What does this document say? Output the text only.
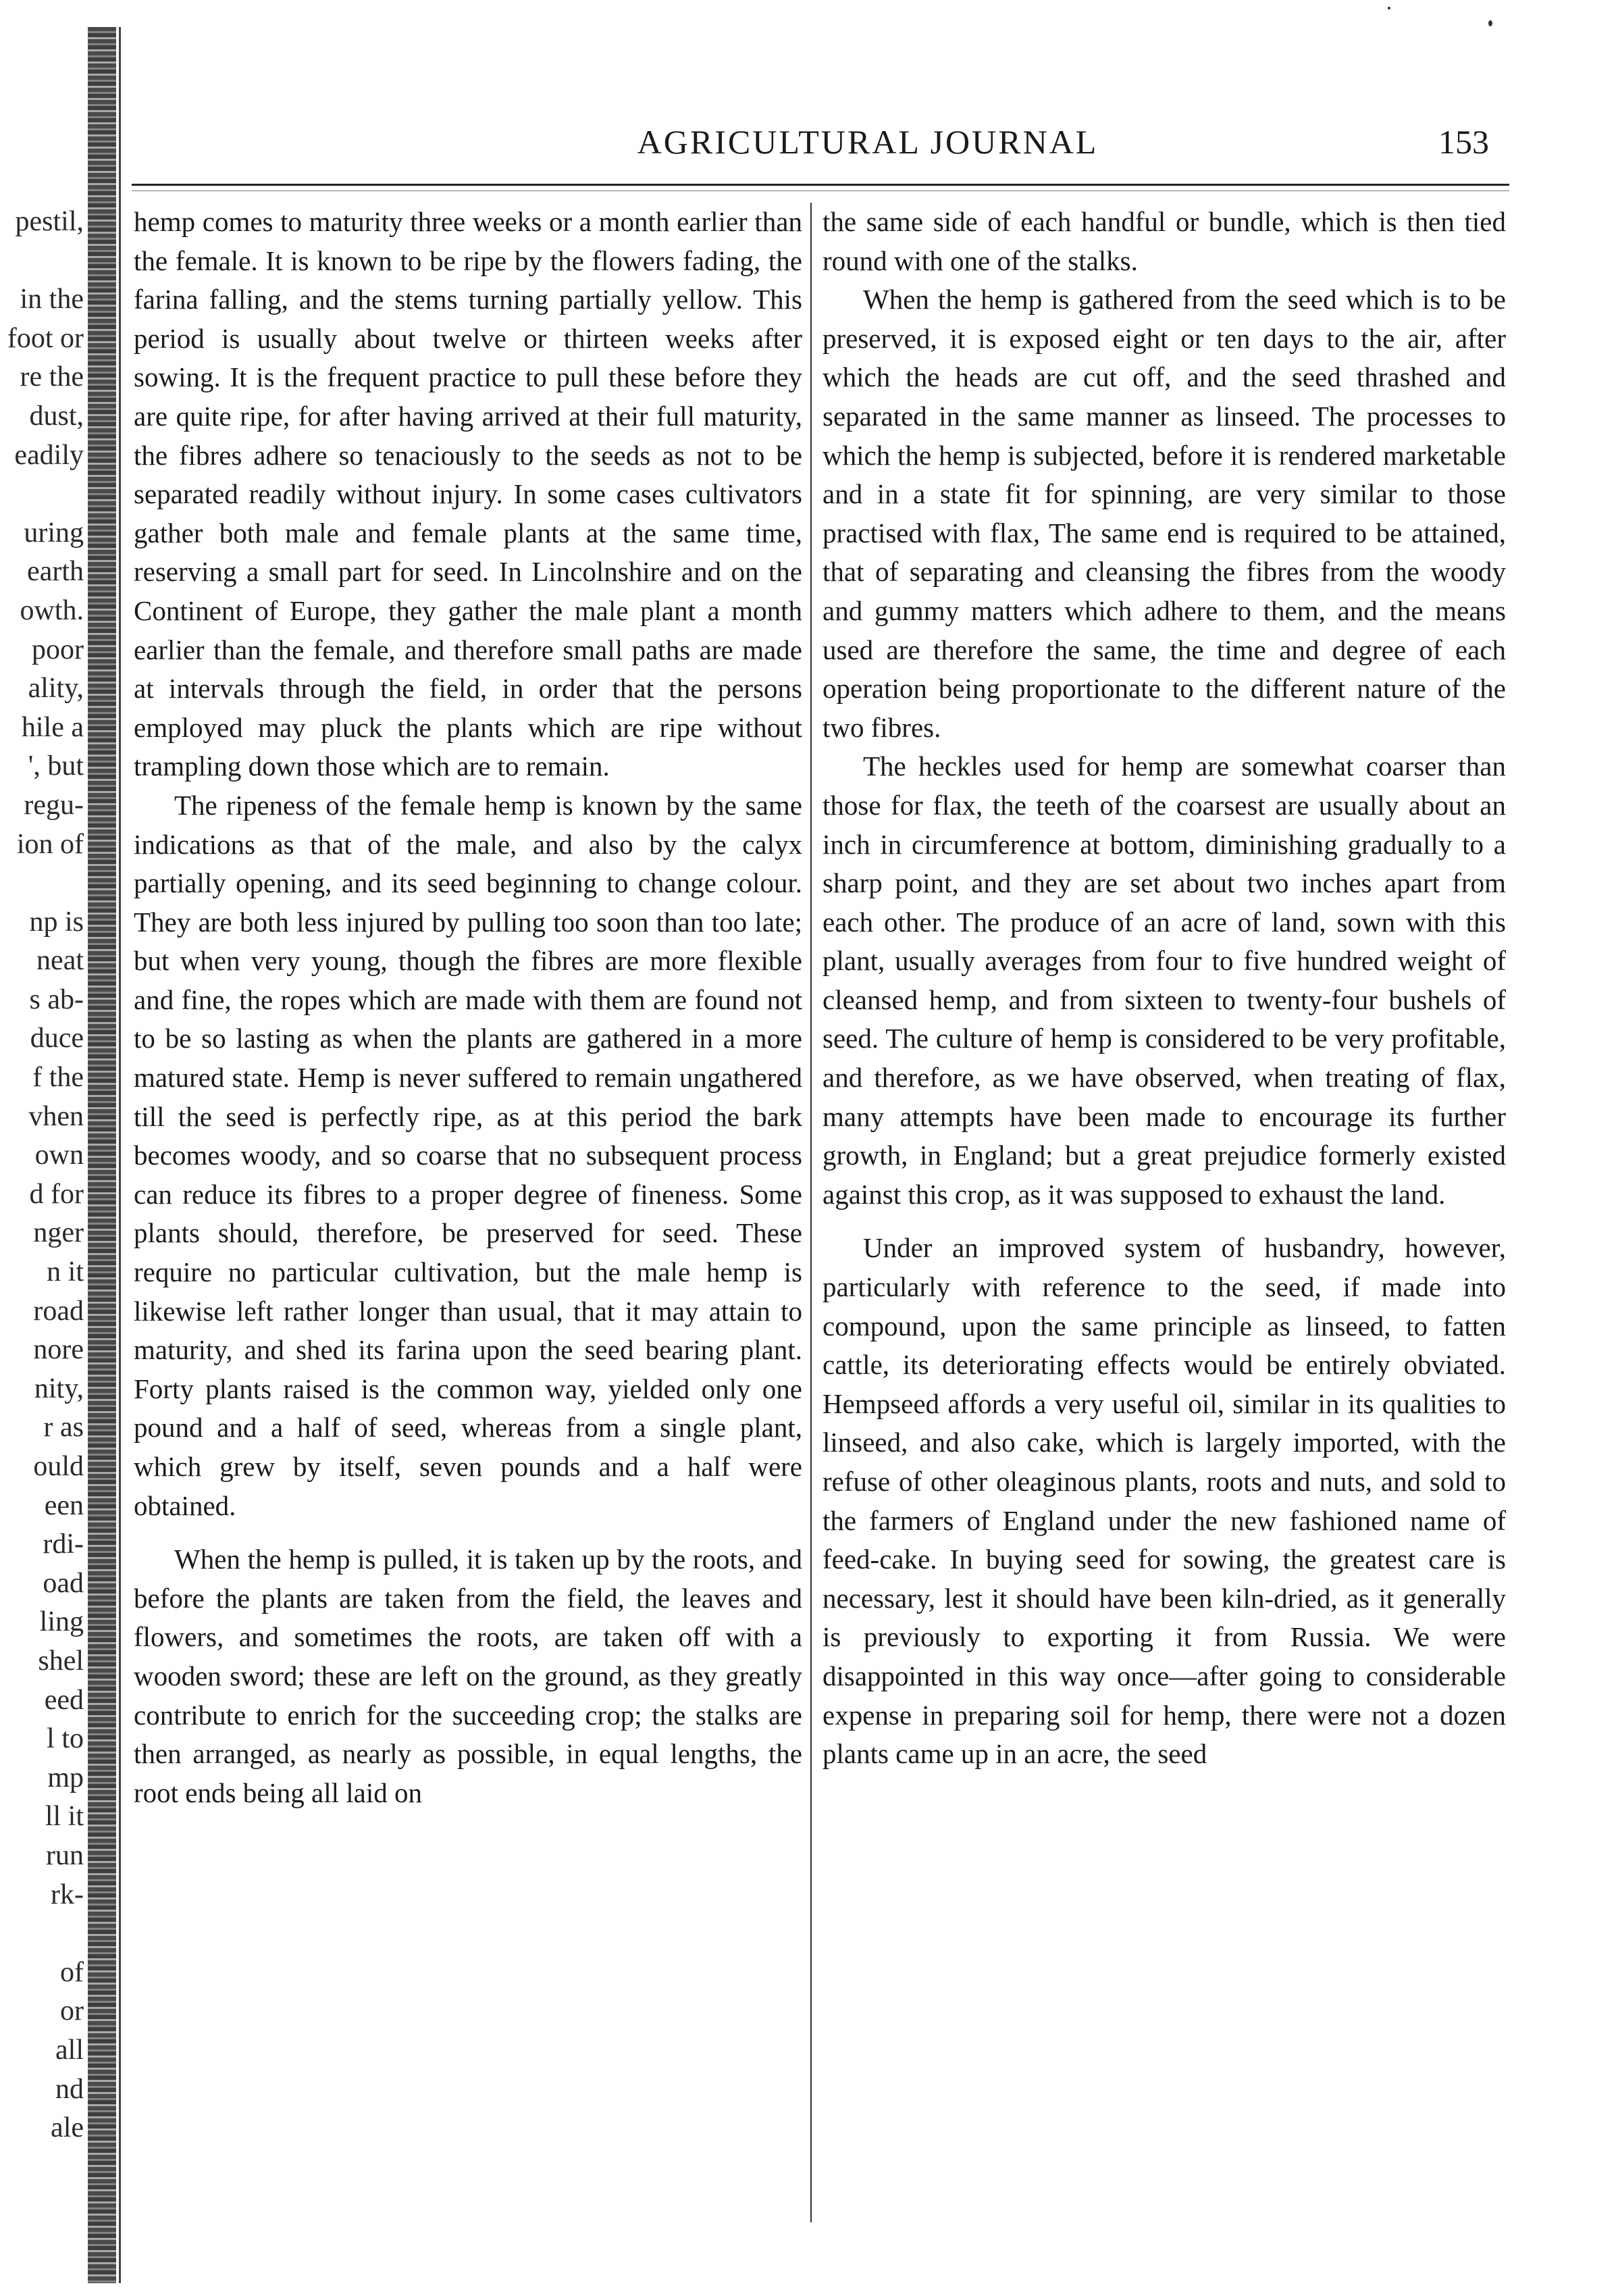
pestil,
in the
foot or
re the
dust,
eadily
uring
earth
owth.
poor
ality,
hile a
', but
regu-
ion of
np is
neat
s ab-
duce
f the
vhen
own
d for
nger
n it
road
nore
nity,
r as
ould
een
rdi-
oad
ling
shel
eed
l to
mp
ll it
run
rk-
of
or
all
nd
ale
AGRICULTURAL JOURNAL	153

hemp comes to maturity three weeks or a month earlier than the female. It is known to be ripe by the flowers fading, the farina falling, and the stems turning partially yellow. This period is usually about twelve or thirteen weeks after sowing. It is the frequent practice to pull these before they are quite ripe, for after having arrived at their full maturity, the fibres adhere so tenaciously to the seeds as not to be separated readily without injury. In some cases cultivators gather both male and female plants at the same time, reserving a small part for seed. In Lincolnshire and on the Continent of Europe, they gather the male plant a month earlier than the female, and therefore small paths are made at intervals through the field, in order that the persons employed may pluck the plants which are ripe without trampling down those which are to remain.

The ripeness of the female hemp is known by the same indications as that of the male, and also by the calyx partially opening, and its seed beginning to change colour. They are both less injured by pulling too soon than too late; but when very young, though the fibres are more flexible and fine, the ropes which are made with them are found not to be so lasting as when the plants are gathered in a more matured state. Hemp is never suffered to remain ungathered till the seed is perfectly ripe, as at this period the bark becomes woody, and so coarse that no subsequent process can reduce its fibres to a proper degree of fineness. Some plants should, therefore, be preserved for seed. These require no particular cultivation, but the male hemp is likewise left rather longer than usual, that it may attain to maturity, and shed its farina upon the seed bearing plant. Forty plants raised is the common way, yielded only one pound and a half of seed, whereas from a single plant, which grew by itself, seven pounds and a half were obtained.

When the hemp is pulled, it is taken up by the roots, and before the plants are taken from the field, the leaves and flowers, and sometimes the roots, are taken off with a wooden sword; these are left on the ground, as they greatly contribute to enrich for the succeeding crop; the stalks are then arranged, as nearly as possible, in equal lengths, the root ends being all laid on

the same side of each handful or bundle, which is then tied round with one of the stalks.

When the hemp is gathered from the seed which is to be preserved, it is exposed eight or ten days to the air, after which the heads are cut off, and the seed thrashed and separated in the same manner as linseed. The processes to which the hemp is subjected, before it is rendered marketable and in a state fit for spinning, are very similar to those practised with flax, The same end is required to be attained, that of separating and cleansing the fibres from the woody and gummy matters which adhere to them, and the means used are therefore the same, the time and degree of each operation being proportionate to the different nature of the two fibres.

The heckles used for hemp are somewhat coarser than those for flax, the teeth of the coarsest are usually about an inch in circumference at bottom, diminishing gradually to a sharp point, and they are set about two inches apart from each other. The produce of an acre of land, sown with this plant, usually averages from four to five hundred weight of cleansed hemp, and from sixteen to twenty-four bushels of seed. The culture of hemp is considered to be very profitable, and therefore, as we have observed, when treating of flax, many attempts have been made to encourage its further growth, in England; but a great prejudice formerly existed against this crop, as it was supposed to exhaust the land.

Under an improved system of husbandry, however, particularly with reference to the seed, if made into compound, upon the same principle as linseed, to fatten cattle, its deteriorating effects would be entirely obviated. Hempseed affords a very useful oil, similar in its qualities to linseed, and also cake, which is largely imported, with the refuse of other oleaginous plants, roots and nuts, and sold to the farmers of England under the new fashioned name of feed-cake. In buying seed for sowing, the greatest care is necessary, lest it should have been kiln-dried, as it generally is previously to exporting it from Russia. We were disappointed in this way once—after going to considerable expense in preparing soil for hemp, there were not a dozen plants came up in an acre, the seed
